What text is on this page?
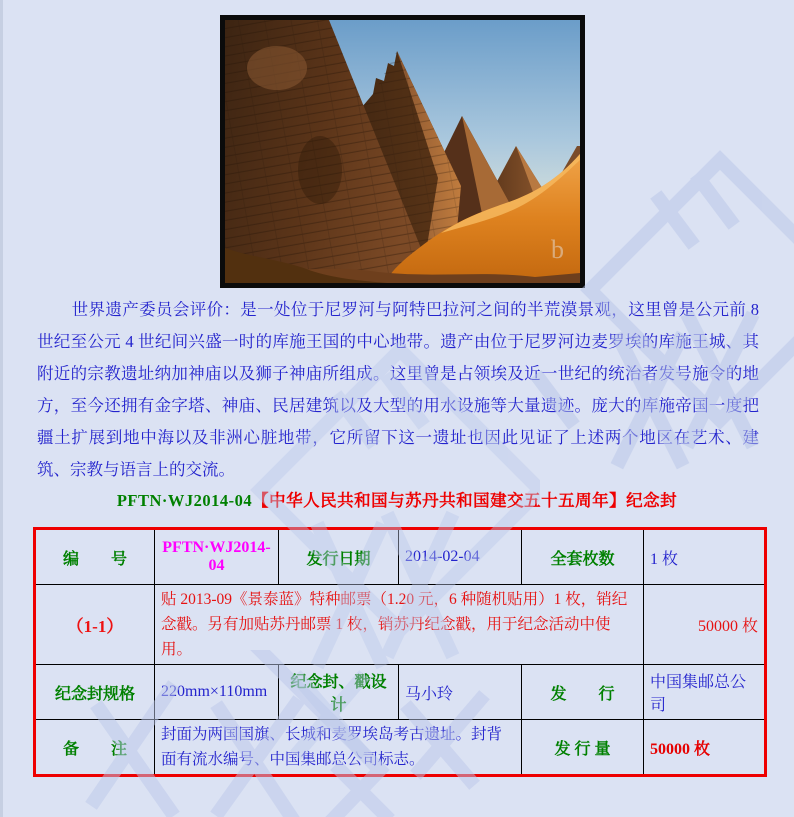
b

世界遗产委员会评价：是一处位于尼罗河与阿特巴拉河之间的半荒漠景观，这里曾是公元前 8 世纪至公元 4 世纪间兴盛一时的库施王国的中心地带。遗产由位于尼罗河边麦罗埃的库施王城、其附近的宗教遗址纳加神庙以及狮子神庙所组成。这里曾是占领埃及近一世纪的统治者发号施令的地方，至今还拥有金字塔、神庙、民居建筑以及大型的用水设施等大量遗迹。庞大的库施帝国一度把疆土扩展到地中海以及非洲心脏地带，它所留下这一遗址也因此见证了上述两个地区在艺术、建筑、宗教与语言上的交流。

PFTN·WJ2014-04【中华人民共和国与苏丹共和国建交五十五周年】纪念封
编　　号	PFTN·WJ2014-04	发行日期	2014-02-04	全套枚数	1 枚
（1-1）	贴 2013-09《景泰蓝》特种邮票（1.20 元，6 种随机贴用）1 枚，销纪念戳。另有加贴苏丹邮票 1 枚，销苏丹纪念戳，用于纪念活动中使用。				50000 枚
纪念封规格	220mm×110mm	纪念封、戳设计	马小玲	发　　行	中国集邮总公司
备　　注	封面为两国国旗、长城和麦罗埃岛考古遗址。封背面有流水编号、中国集邮总公司标志。			发 行 量	50000 枚
